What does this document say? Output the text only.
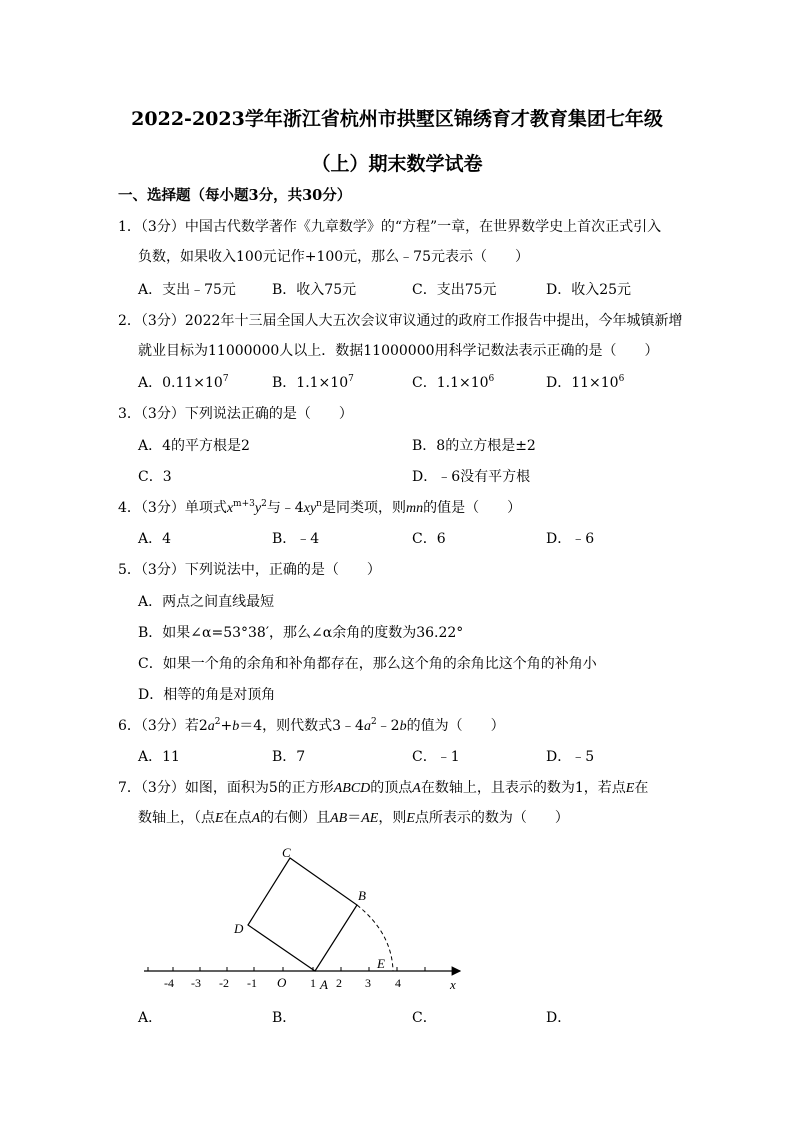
2022-2023学年浙江省杭州市拱墅区锦绣育才教育集团七年级
（上）期末数学试卷
一、选择题（每小题3分，共30分）
1．（3分）中国古代数学著作《九章数学》的“方程”一章，在世界数学史上首次正式引入
负数，如果收入100元记作+100元，那么﹣75元表示（　　）
A．支出﹣75元	B．收入75元	C．支出75元	D．收入25元
2．（3分）2022年十三届全国人大五次会议审议通过的政府工作报告中提出，今年城镇新增
就业目标为11000000人以上．数据11000000用科学记数法表示正确的是（　　）
A．$0.11\times 10^7$	B．$1.1\times 10^7$	C．$1.1\times 10^6$	D．$11\times 10^6$
3．（3分）下列说法正确的是（　　）
A．4的平方根是2	B．8的立方根是±2
C．3	D．﹣6没有平方根
4．（3分）单项式$x^{m+3}y^2$与$﹣4xy^n$是同类项，则mn的值是（　　）
A．4	B．﹣4	C．6	D．﹣6
5．（3分）下列说法中，正确的是（　　）
A．两点之间直线最短
B．如果∠α=53°38′，那么∠α余角的度数为36.22°
C．如果一个角的余角和补角都存在，那么这个角的余角比这个角的补角小
D．相等的角是对顶角
6．（3分）若$2a^2+b=4$，则代数式$3﹣4a^2﹣2b$的值为（　　）
A．11	B．7	C．﹣1	D．﹣5
7．（3分）如图，面积为5的正方形ABCD的顶点A在数轴上，且表示的数为1，若点E在
数轴上，（点E在点A的右侧）且AB＝AE，则E点所表示的数为（　　）
C
B
D
E
-4 -3 -2 -1 O 1 A 2 3 4	x
A．	B．	C．	D．
